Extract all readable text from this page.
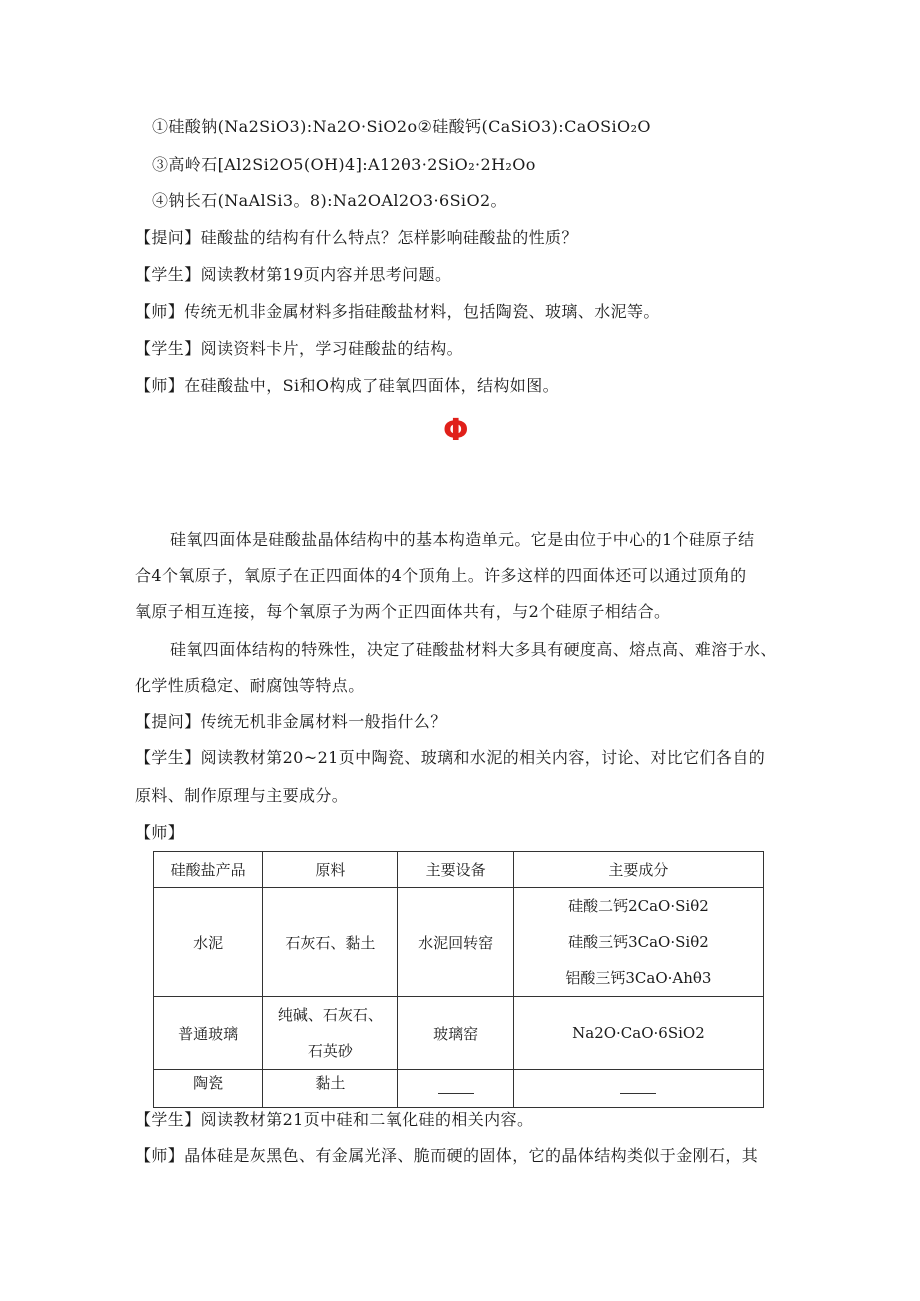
①硅酸钠(Na2SiO3):Na2O·SiO2o②硅酸钙(CaSiO3):CaOSiO₂O
③高岭石[Al2Si2O5(OH)4]:A12θ3·2SiO₂·2H₂Oo
④钠长石(NaAlSi3。8):Na2OAl2O3·6SiO2。
【提问】硅酸盐的结构有什么特点？怎样影响硅酸盐的性质？
【学生】阅读教材第19页内容并思考问题。
【师】传统无机非金属材料多指硅酸盐材料，包括陶瓷、玻璃、水泥等。
【学生】阅读资料卡片，学习硅酸盐的结构。
【师】在硅酸盐中，Si和O构成了硅氧四面体，结构如图。
Φ
硅氧四面体是硅酸盐晶体结构中的基本构造单元。它是由位于中心的1个硅原子结
合4个氧原子，氧原子在正四面体的4个顶角上。许多这样的四面体还可以通过顶角的
氧原子相互连接，每个氧原子为两个正四面体共有，与2个硅原子相结合。
硅氧四面体结构的特殊性，决定了硅酸盐材料大多具有硬度高、熔点高、难溶于水、
化学性质稳定、耐腐蚀等特点。
【提问】传统无机非金属材料一般指什么？
【学生】阅读教材第20~21页中陶瓷、玻璃和水泥的相关内容，讨论、对比它们各自的
原料、制作原理与主要成分。
【师】
硅酸盐产品	原料	主要设备	主要成分
水泥	石灰石、黏土	水泥回转窑	硅酸二钙2CaO·Siθ2
硅酸三钙3CaO·Siθ2
铝酸三钙3CaO·Ahθ3

普通玻璃	纯碱、石灰石、
石英砂	玻璃窑	Na2O·CaO·6SiO2
陶瓷	黏土		
【学生】阅读教材第21页中硅和二氧化硅的相关内容。
【师】晶体硅是灰黑色、有金属光泽、脆而硬的固体，它的晶体结构类似于金刚石，其
